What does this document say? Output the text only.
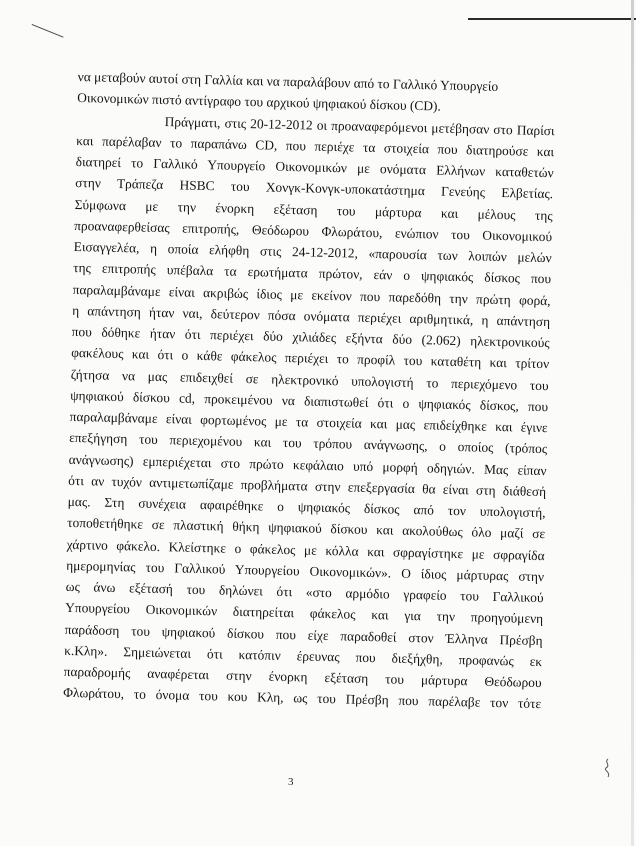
να μεταβούν αυτοί στη Γαλλία και να παραλάβουν από το Γαλλικό Υπουργείο
Οικονομικών πιστό αντίγραφο του αρχικού ψηφιακού δίσκου (CD).
Πράγματι, στις 20-12-2012 οι προαναφερόμενοι μετέβησαν στο Παρίσι
και παρέλαβαν το παραπάνω CD, που περιέχε τα στοιχεία που διατηρούσε και
διατηρεί το Γαλλικό Υπουργείο Οικονομικών με ονόματα Ελλήνων καταθετών
στην Τράπεζα HSBC του Χονγκ-Κονγκ-υποκατάστημα Γενεύης Ελβετίας.
Σύμφωνα με την ένορκη εξέταση του μάρτυρα και μέλους της
προαναφερθείσας επιτροπής, Θεόδωρου Φλωράτου, ενώπιον του Οικονομικού
Εισαγγελέα, η οποία ελήφθη στις 24-12-2012, «παρουσία των λοιπών μελών
της επιτροπής υπέβαλα τα ερωτήματα πρώτον, εάν ο ψηφιακός δίσκος που
παραλαμβάναμε είναι ακριβώς ίδιος με εκείνον που παρεδόθη την πρώτη φορά,
η απάντηση ήταν ναι, δεύτερον πόσα ονόματα περιέχει αριθμητικά, η απάντηση
που δόθηκε ήταν ότι περιέχει δύο χιλιάδες εξήντα δύο (2.062) ηλεκτρονικούς
φακέλους και ότι ο κάθε φάκελος περιέχει το προφίλ του καταθέτη και τρίτον
ζήτησα να μας επιδειχθεί σε ηλεκτρονικό υπολογιστή το περιεχόμενο του
ψηφιακού δίσκου cd, προκειμένου να διαπιστωθεί ότι ο ψηφιακός δίσκος, που
παραλαμβάναμε είναι φορτωμένος με τα στοιχεία και μας επιδείχθηκε και έγινε
επεξήγηση του περιεχομένου και του τρόπου ανάγνωσης, ο οποίος (τρόπος
ανάγνωσης) εμπεριέχεται στο πρώτο κεφάλαιο υπό μορφή οδηγιών. Μας είπαν
ότι αν τυχόν αντιμετωπίζαμε προβλήματα στην επεξεργασία θα είναι στη διάθεσή
μας. Στη συνέχεια αφαιρέθηκε ο ψηφιακός δίσκος από τον υπολογιστή,
τοποθετήθηκε σε πλαστική θήκη ψηφιακού δίσκου και ακολούθως όλο μαζί σε
χάρτινο φάκελο. Κλείστηκε ο φάκελος με κόλλα και σφραγίστηκε με σφραγίδα
ημερομηνίας του Γαλλικού Υπουργείου Οικονομικών». Ο ίδιος μάρτυρας στην
ως άνω εξέτασή του δηλώνει ότι «στο αρμόδιο γραφείο του Γαλλικού
Υπουργείου Οικονομικών διατηρείται φάκελος και για την προηγούμενη
παράδοση του ψηφιακού δίσκου που είχε παραδοθεί στον Έλληνα Πρέσβη
κ.Κλη». Σημειώνεται ότι κατόπιν έρευνας που διεξήχθη, προφανώς εκ
παραδρομής αναφέρεται στην ένορκη εξέταση του μάρτυρα Θεόδωρου
Φλωράτου, το όνομα του κου Κλη, ως του Πρέσβη που παρέλαβε τον τότε
3
